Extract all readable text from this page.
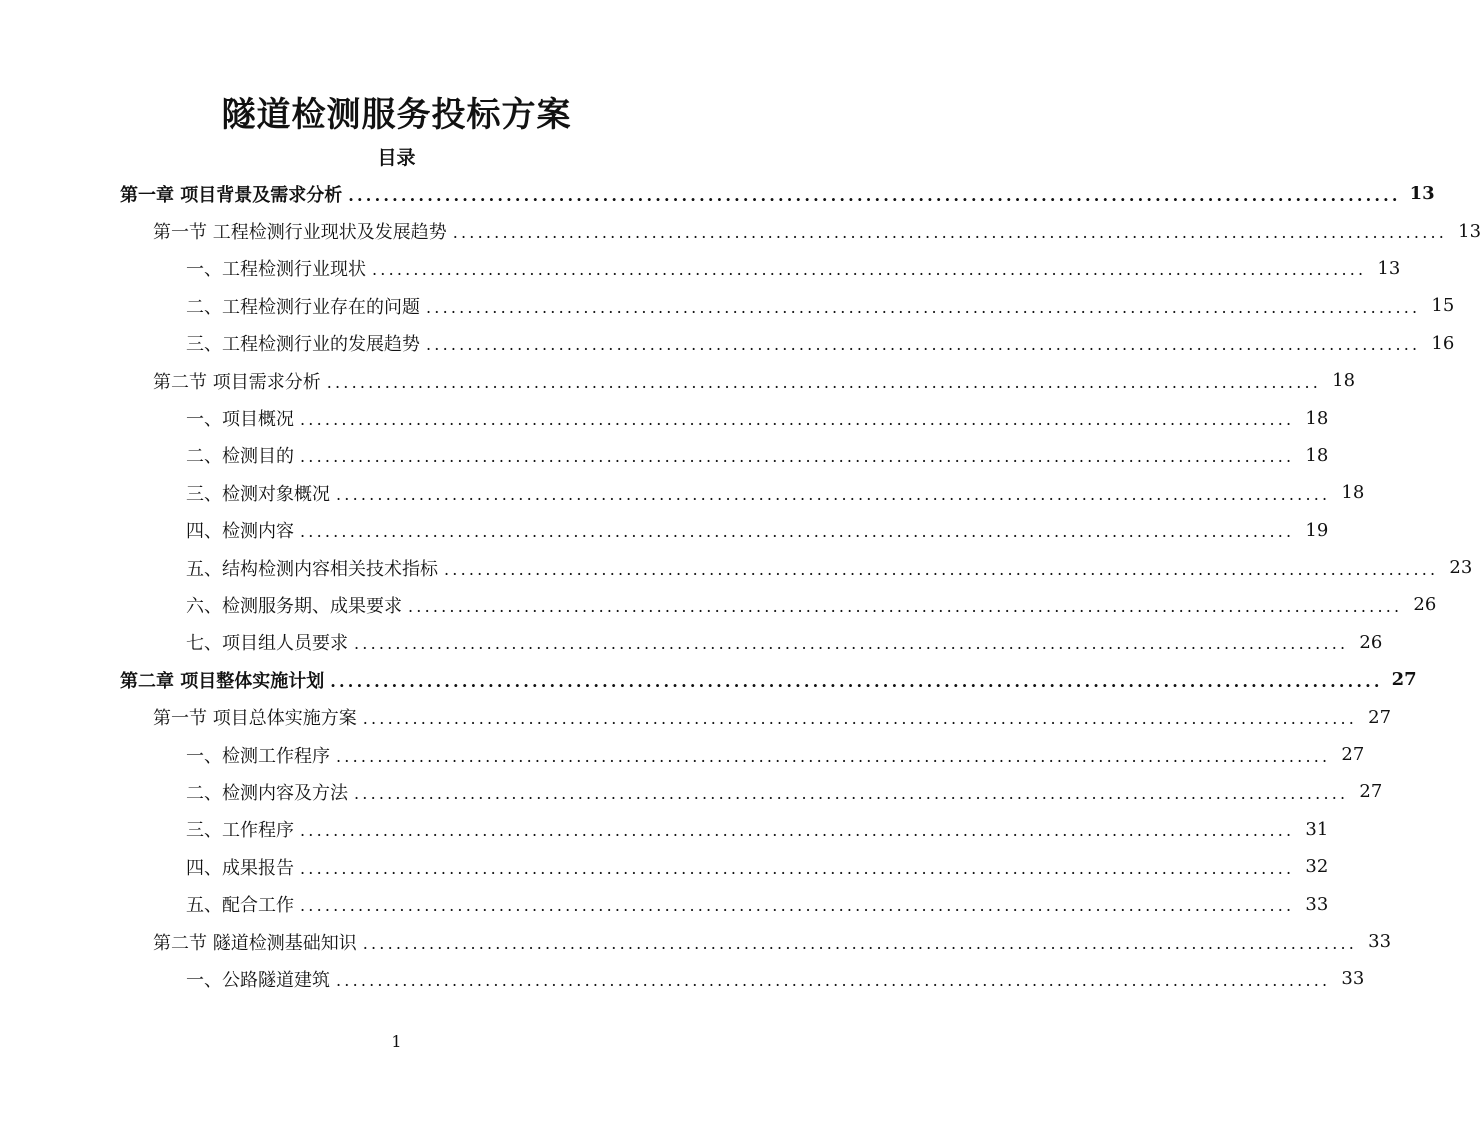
隧道检测服务投标方案
目录
第一章 项目背景及需求分析 ........................................................................................................................ 13
第一节 工程检测行业现状及发展趋势 ........................................................................................................................ 13
一、工程检测行业现状 ........................................................................................................................ 13
二、工程检测行业存在的问题 ........................................................................................................................ 15
三、工程检测行业的发展趋势 ........................................................................................................................ 16
第二节 项目需求分析 ........................................................................................................................ 18
一、项目概况 ........................................................................................................................ 18
二、检测目的 ........................................................................................................................ 18
三、检测对象概况 ........................................................................................................................ 18
四、检测内容 ........................................................................................................................ 19
五、结构检测内容相关技术指标 ........................................................................................................................ 23
六、检测服务期、成果要求 ........................................................................................................................ 26
七、项目组人员要求 ........................................................................................................................ 26
第二章 项目整体实施计划 ........................................................................................................................ 27
第一节 项目总体实施方案 ........................................................................................................................ 27
一、检测工作程序 ........................................................................................................................ 27
二、检测内容及方法 ........................................................................................................................ 27
三、工作程序 ........................................................................................................................ 31
四、成果报告 ........................................................................................................................ 32
五、配合工作 ........................................................................................................................ 33
第二节 隧道检测基础知识 ........................................................................................................................ 33
一、公路隧道建筑 ........................................................................................................................ 33
1
